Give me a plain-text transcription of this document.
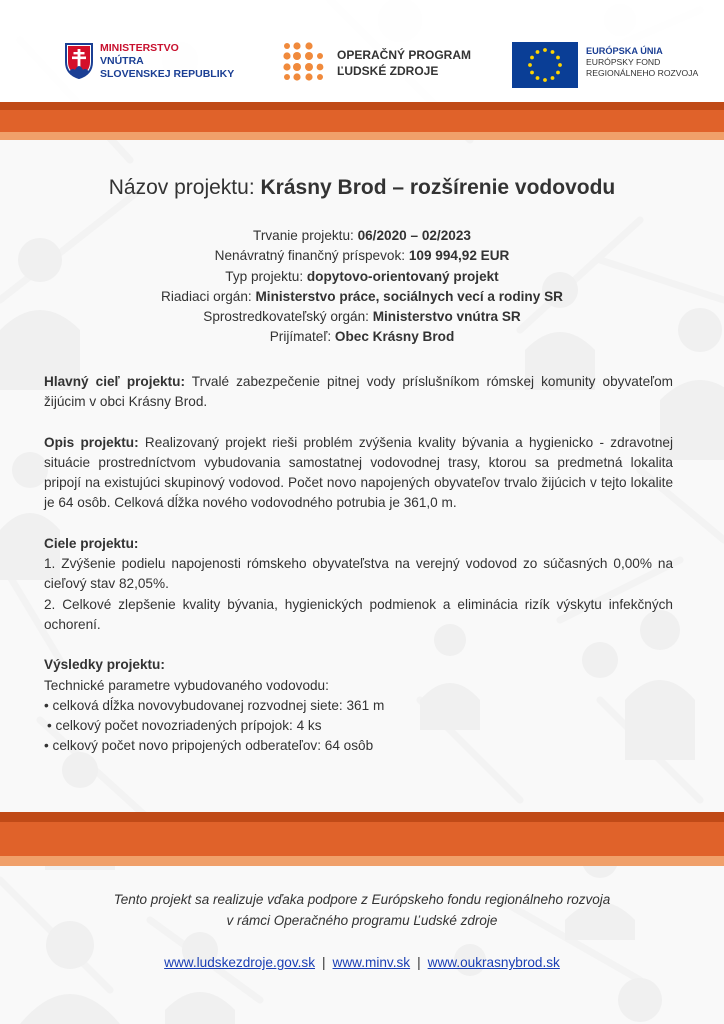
MINISTERSTVO
VNÚTRA
SLOVENSKEJ REPUBLIKY
OPERAČNÝ PROGRAM
ĽUDSKÉ ZDROJE
EURÓPSKA ÚNIA
EURÓPSKY FOND
REGIONÁLNEHO ROZVOJA
Názov projektu: Krásny Brod – rozšírenie vodovodu
Trvanie projektu: 06/2020 – 02/2023
Nenávratný finančný príspevok: 109 994,92 EUR
Typ projektu: dopytovo-orientovaný projekt
Riadiaci orgán: Ministerstvo práce, sociálnych vecí a rodiny SR
Sprostredkovateľský orgán: Ministerstvo vnútra SR
Prijímateľ: Obec Krásny Brod

Hlavný cieľ projektu: Trvalé zabezpečenie pitnej vody príslušníkom rómskej komunity obyvateľom žijúcim v obci Krásny Brod.

Opis projektu: Realizovaný projekt rieši problém zvýšenia kvality bývania a hygienicko - zdravotnej situácie prostredníctvom vybudovania samostatnej vodovodnej trasy, ktorou sa predmetná lokalita pripojí na existujúci skupinový vodovod. Počet novo napojených obyvateľov trvalo žijúcich v tejto lokalite je 64 osôb. Celková dĺžka nového vodovodného potrubia je 361,0 m.

Ciele projektu:

1. Zvýšenie podielu napojenosti rómskeho obyvateľstva na verejný vodovod zo súčasných 0,00% na cieľový stav 82,05%.

2. Celkové zlepšenie kvality bývania, hygienických podmienok a eliminácia rizík výskytu infekčných ochorení.

Výsledky projektu:

Technické parametre vybudovaného vodovodu:

• celková dĺžka novovybudovanej rozvodnej siete: 361 m

• celkový počet novozriadených prípojok: 4 ks

• celkový počet novo pripojených odberateľov: 64 osôb

Tento projekt sa realizuje vďaka podpore z Európskeho fondu regionálneho rozvoja
v rámci Operačného programu Ľudské zdroje
www.ludskezdroje.gov.sk | www.minv.sk | www.oukrasnybrod.sk
